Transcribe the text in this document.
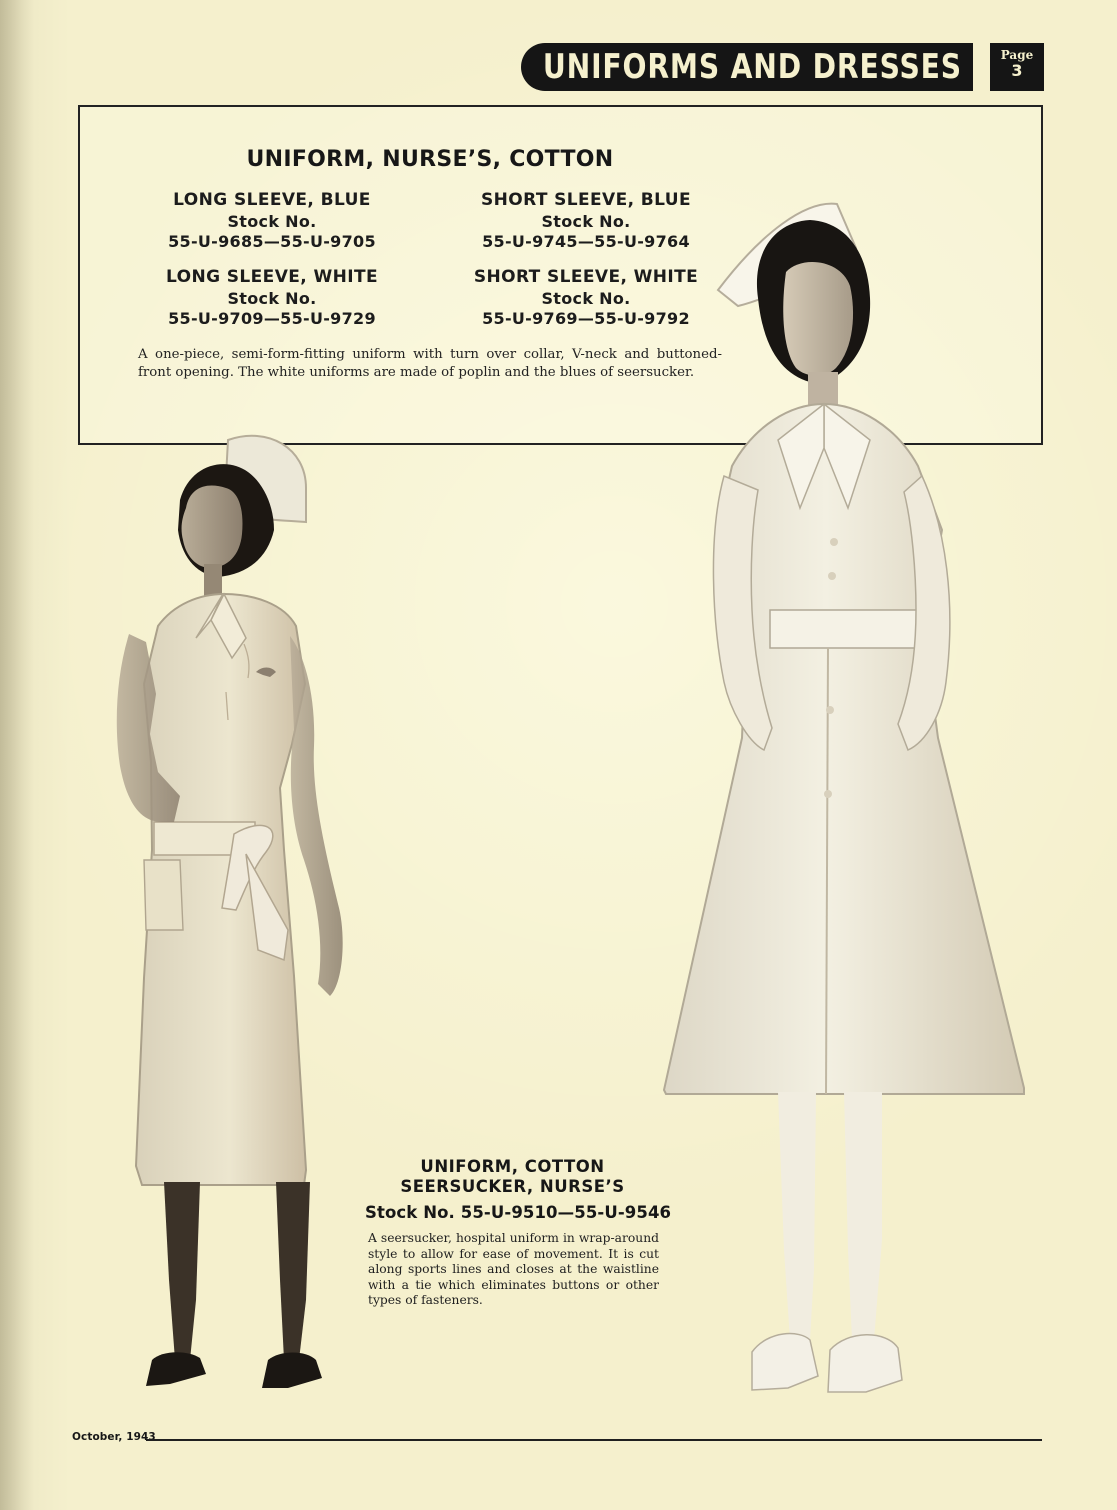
UNIFORMS AND DRESSES	Page
3
UNIFORM, NURSE’S, COTTON
LONG SLEEVE, BLUE
Stock No.
55-U-9685—55-U-9705
SHORT SLEEVE, BLUE
Stock No.
55-U-9745—55-U-9764
LONG SLEEVE, WHITE
Stock No.
55-U-9709—55-U-9729
SHORT SLEEVE, WHITE
Stock No.
55-U-9769—55-U-9792

A one-piece, semi-form-fitting uniform with turn over collar, V-neck and buttoned-front opening. The white uniforms are made of poplin and the blues of seersucker.

UNIFORM, COTTON
SEERSUCKER, NURSE’S
Stock No. 55-U-9510—55-U-9546

A seersucker, hospital uniform in wrap-around style to allow for ease of movement. It is cut along sports lines and closes at the waistline with a tie which eliminates buttons or other types of fasteners.

October, 1943
